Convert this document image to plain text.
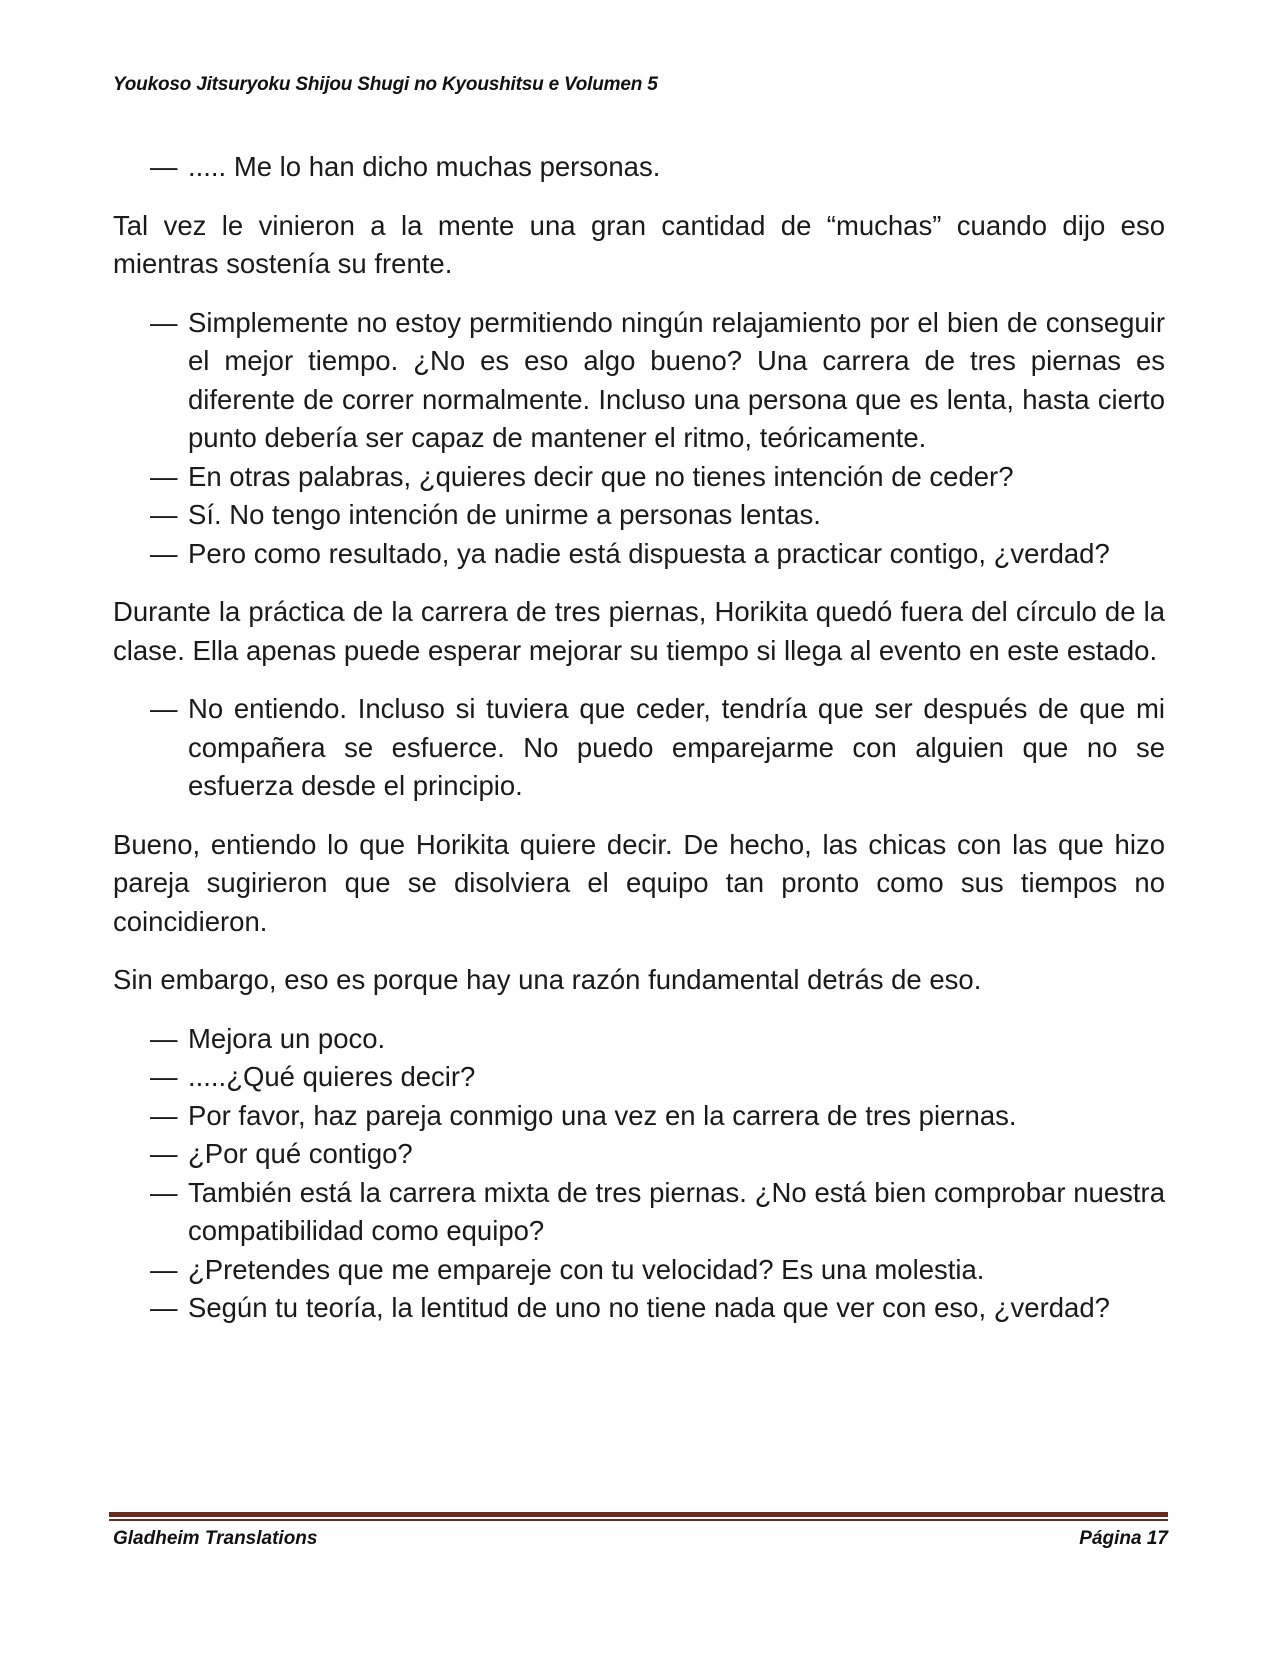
Youkoso Jitsuryoku Shijou Shugi no Kyoushitsu e Volumen 5

— ..... Me lo han dicho muchas personas.

Tal vez le vinieron a la mente una gran cantidad de “muchas” cuando dijo eso mientras sostenía su frente.

— Simplemente no estoy permitiendo ningún relajamiento por el bien de conseguir el mejor tiempo. ¿No es eso algo bueno? Una carrera de tres piernas es diferente de correr normalmente. Incluso una persona que es lenta, hasta cierto punto debería ser capaz de mantener el ritmo, teóricamente.

— En otras palabras, ¿quieres decir que no tienes intención de ceder?

— Sí. No tengo intención de unirme a personas lentas.

— Pero como resultado, ya nadie está dispuesta a practicar contigo, ¿verdad?

Durante la práctica de la carrera de tres piernas, Horikita quedó fuera del círculo de la clase. Ella apenas puede esperar mejorar su tiempo si llega al evento en este estado.

— No entiendo. Incluso si tuviera que ceder, tendría que ser después de que mi compañera se esfuerce. No puedo emparejarme con alguien que no se esfuerza desde el principio.

Bueno, entiendo lo que Horikita quiere decir. De hecho, las chicas con las que hizo pareja sugirieron que se disolviera el equipo tan pronto como sus tiempos no coincidieron.

Sin embargo, eso es porque hay una razón fundamental detrás de eso.

— Mejora un poco.

— .....¿Qué quieres decir?

— Por favor, haz pareja conmigo una vez en la carrera de tres piernas.

— ¿Por qué contigo?

— También está la carrera mixta de tres piernas. ¿No está bien comprobar nuestra compatibilidad como equipo?

— ¿Pretendes que me empareje con tu velocidad? Es una molestia.

— Según tu teoría, la lentitud de uno no tiene nada que ver con eso, ¿verdad?

Gladheim Translations	Página 17
